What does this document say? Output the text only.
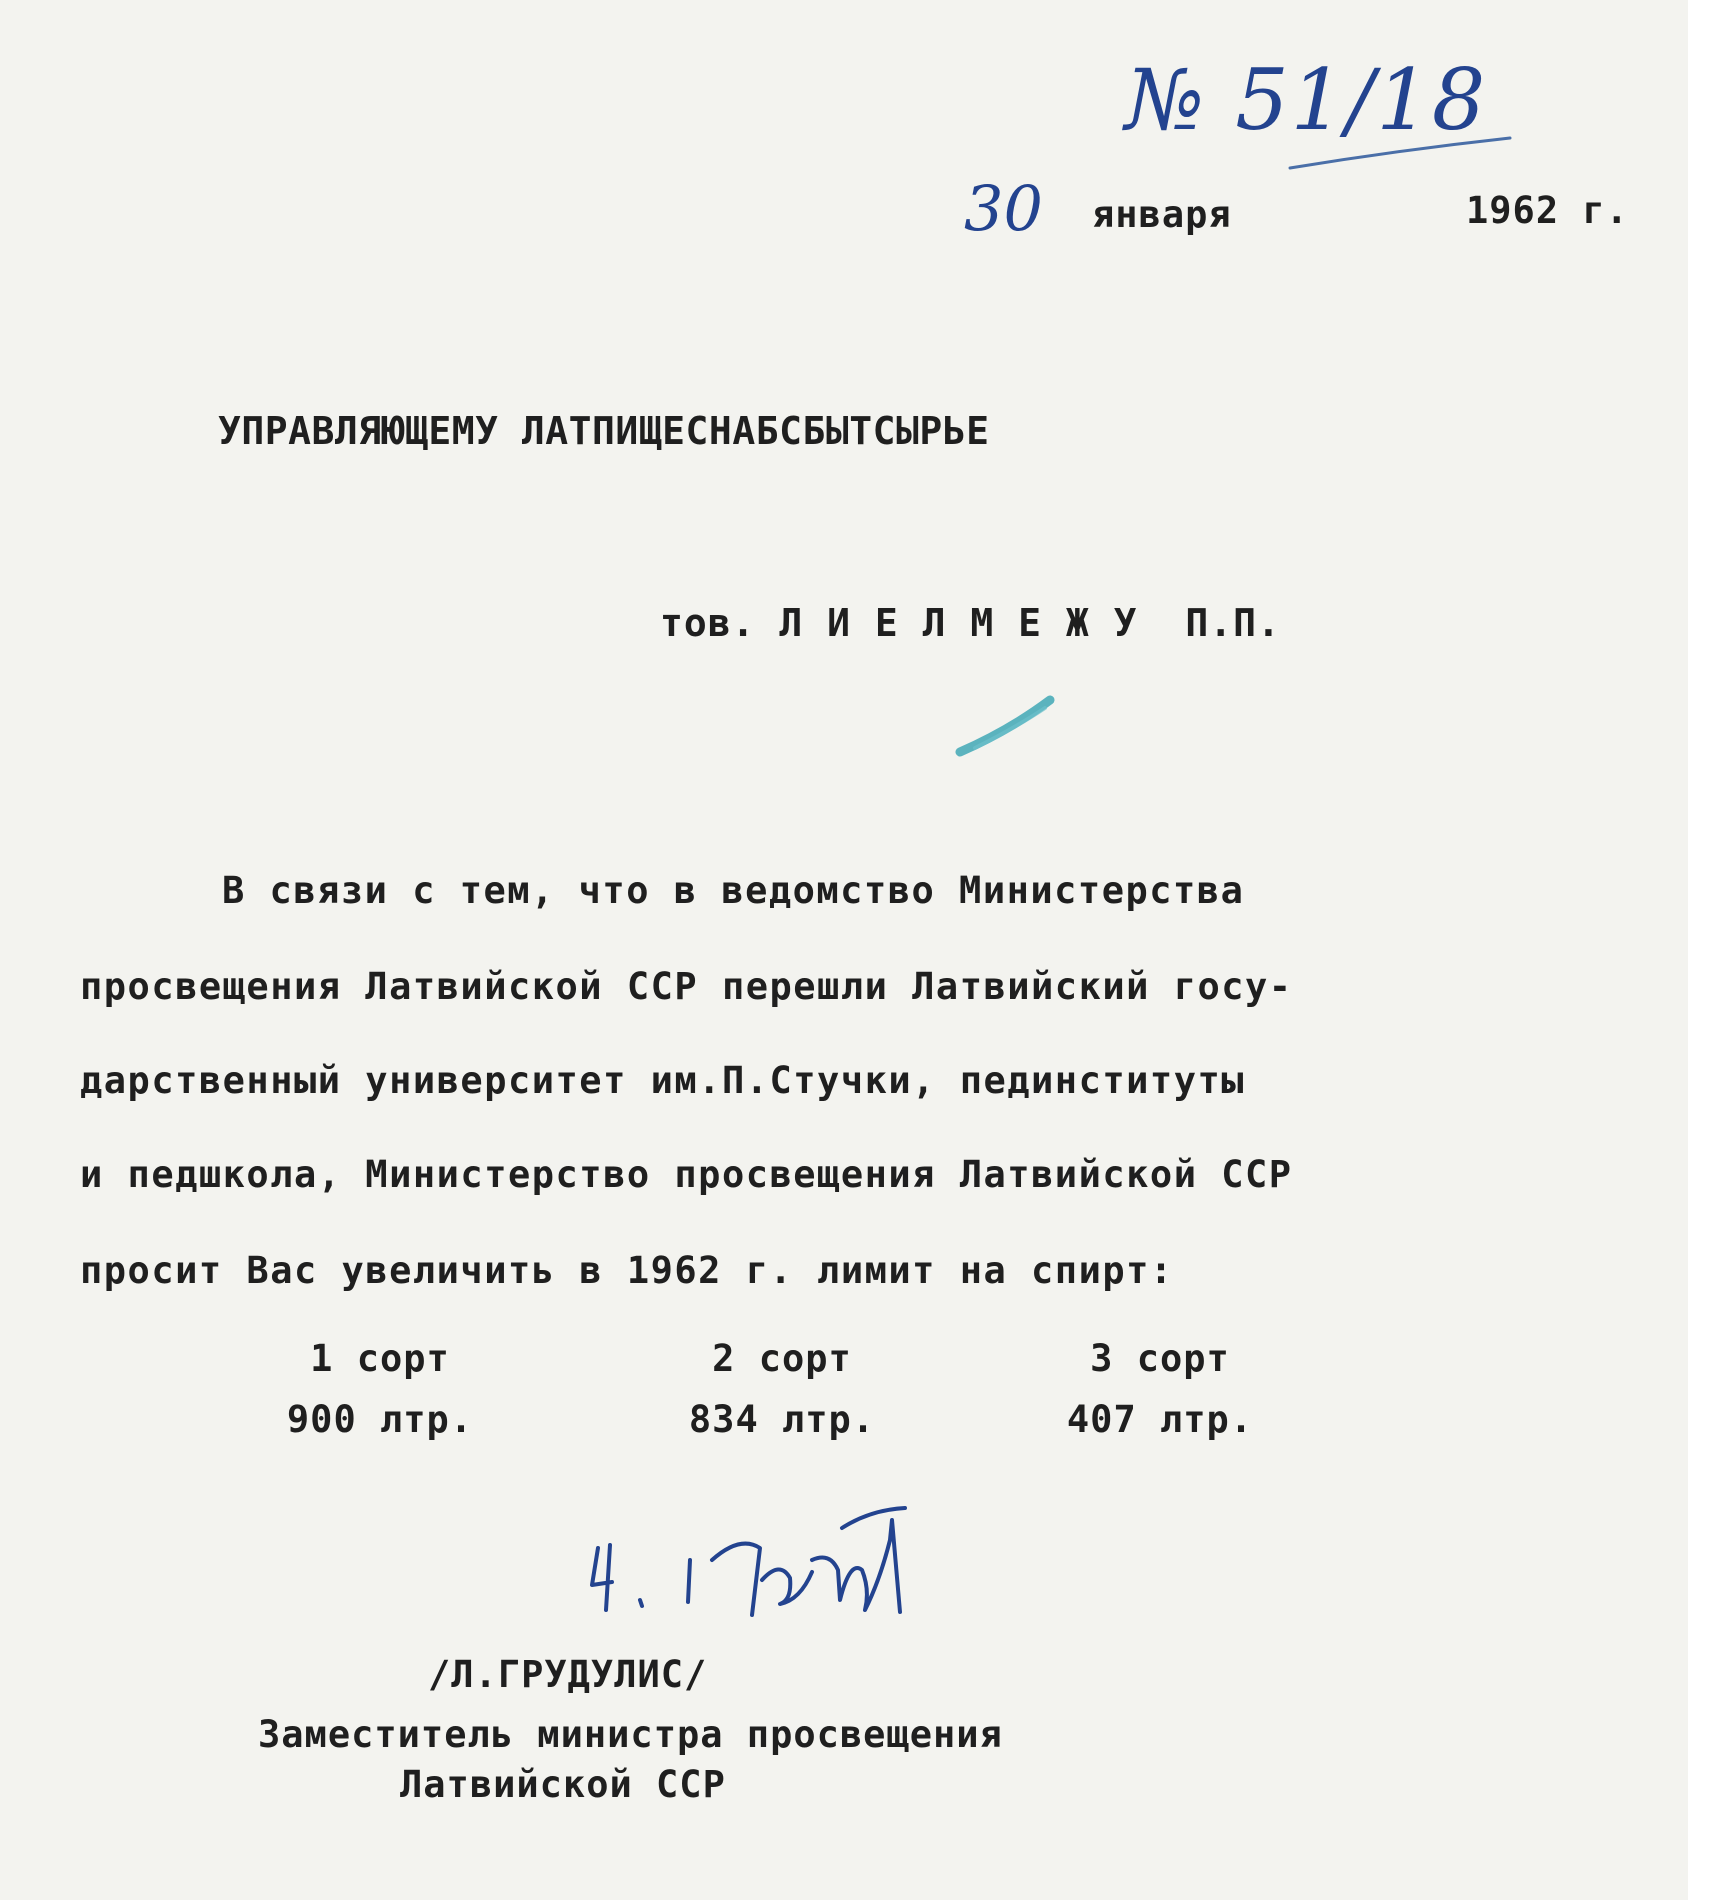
№ 51/18
30 января	1962 г.
УПРАВЛЯЮЩЕМУ ЛАТПИЩЕСНАБСБЫТСЫРЬЕ
тов. Л И Е Л М Е Ж У  П.П.
В связи с тем, что в ведомство Министерства
просвещения Латвийской ССР перешли Латвийский госу-
дарственный университет им.П.Стучки, пединституты
и педшкола, Министерство просвещения Латвийской ССР
просит Вас увеличить в 1962 г. лимит на спирт:
1 сорт
900 лтр.
2 сорт
834 лтр.
3 сорт
407 лтр.
/Л.ГРУДУЛИС/
Заместитель министра просвещения
Латвийской ССР
